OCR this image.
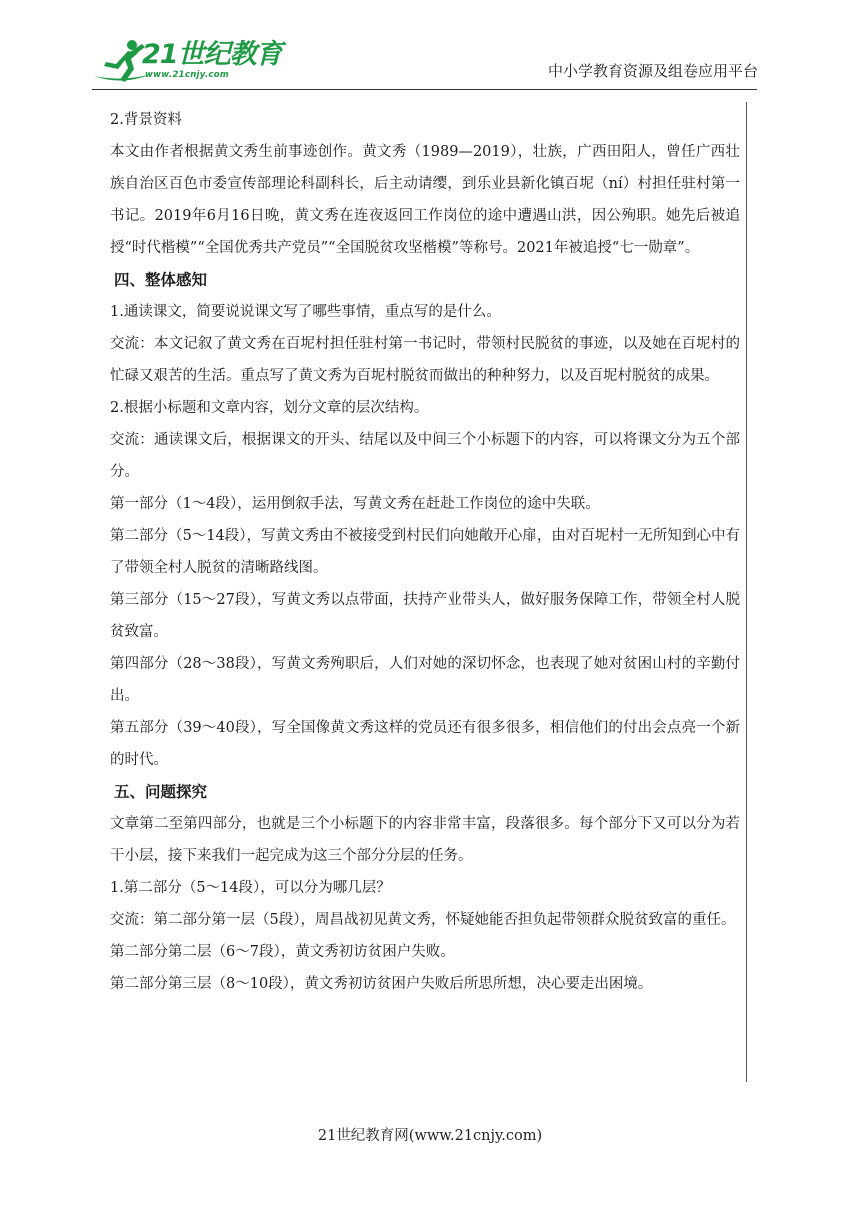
21世纪教育
www.21cnjy.com	中小学教育资源及组卷应用平台

2.背景资料

本文由作者根据黄文秀生前事迹创作。黄文秀（1989—2019），壮族，广西田阳人，曾任广西壮族自治区百色市委宣传部理论科副科长，后主动请缨，到乐业县新化镇百坭（ní）村担任驻村第一书记。2019年6月16日晚，黄文秀在连夜返回工作岗位的途中遭遇山洪，因公殉职。她先后被追授“时代楷模”“全国优秀共产党员”“全国脱贫攻坚楷模”等称号。2021年被追授“七一勋章”。

四、整体感知

1.通读课文，简要说说课文写了哪些事情，重点写的是什么。

交流：本文记叙了黄文秀在百坭村担任驻村第一书记时，带领村民脱贫的事迹，以及她在百坭村的忙碌又艰苦的生活。重点写了黄文秀为百坭村脱贫而做出的种种努力，以及百坭村脱贫的成果。

2.根据小标题和文章内容，划分文章的层次结构。

交流：通读课文后，根据课文的开头、结尾以及中间三个小标题下的内容，可以将课文分为五个部分。

第一部分（1～4段），运用倒叙手法，写黄文秀在赶赴工作岗位的途中失联。

第二部分（5～14段），写黄文秀由不被接受到村民们向她敞开心扉，由对百坭村一无所知到心中有了带领全村人脱贫的清晰路线图。

第三部分（15～27段），写黄文秀以点带面，扶持产业带头人，做好服务保障工作，带领全村人脱贫致富。

第四部分（28～38段），写黄文秀殉职后，人们对她的深切怀念，也表现了她对贫困山村的辛勤付出。

第五部分（39～40段），写全国像黄文秀这样的党员还有很多很多，相信他们的付出会点亮一个新的时代。

五、问题探究

文章第二至第四部分，也就是三个小标题下的内容非常丰富，段落很多。每个部分下又可以分为若干小层，接下来我们一起完成为这三个部分分层的任务。

1.第二部分（5～14段），可以分为哪几层？

交流：第二部分第一层（5段），周昌战初见黄文秀，怀疑她能否担负起带领群众脱贫致富的重任。

第二部分第二层（6～7段），黄文秀初访贫困户失败。

第二部分第三层（8～10段），黄文秀初访贫困户失败后所思所想，决心要走出困境。

21世纪教育网(www.21cnjy.com)
